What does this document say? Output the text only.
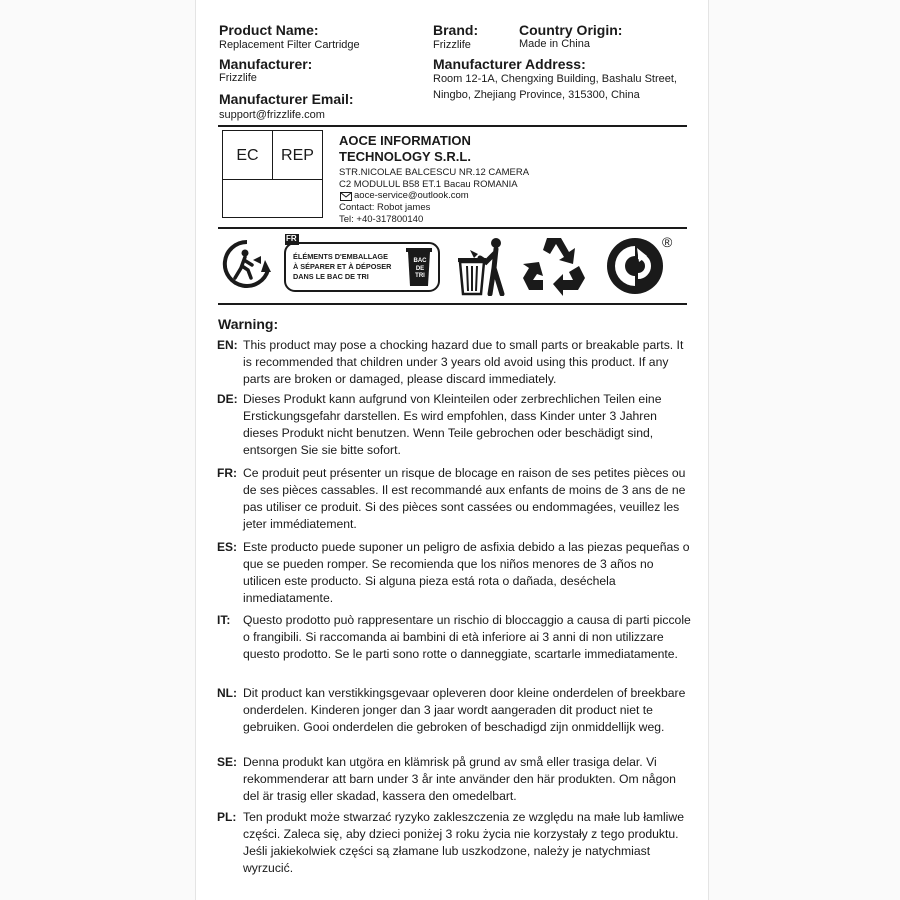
Product Name:
Replacement Filter Cartridge
Brand:
Frizzlife
Country Origin:
Made in China
Manufacturer:
Frizzlife
Manufacturer Address:
Room 12-1A, Chengxing Building, Bashalu Street,
Ningbo, Zhejiang Province, 315300, China
Manufacturer Email:
support@frizzlife.com
EC	REP
AOCE INFORMATION
TECHNOLOGY S.R.L.
STR.NICOLAE BALCESCU NR.12 CAMERA
C2 MODULUL B58 ET.1 Bacau ROMANIA
aoce-service@outlook.com
Contact: Robot james
Tel: +40-317800140
FR
ÉLÉMENTS D'EMBALLAGE
À SÉPARER ET À DÉPOSER
DANS LE BAC DE TRI
BAC
DE
TRI
®
Warning:
EN: This product may pose a chocking hazard due to small parts or breakable parts. It is recommended that children under 3 years old avoid using this product. If any parts are broken or damaged, please discard immediately.
DE: Dieses Produkt kann aufgrund von Kleinteilen oder zerbrechlichen Teilen eine Erstickungsgefahr darstellen. Es wird empfohlen, dass Kinder unter 3 Jahren dieses Produkt nicht benutzen. Wenn Teile gebrochen oder beschädigt sind, entsorgen Sie sie bitte sofort.
FR: Ce produit peut présenter un risque de blocage en raison de ses petites pièces ou de ses pièces cassables. Il est recommandé aux enfants de moins de 3 ans de ne pas utiliser ce produit. Si des pièces sont cassées ou endommagées, veuillez les jeter immédiatement.
ES: Este producto puede suponer un peligro de asfixia debido a las piezas pequeñas o que se pueden romper. Se recomienda que los niños menores de 3 años no utilicen este producto. Si alguna pieza está rota o dañada, deséchela inmediatamente.
IT: Questo prodotto può rappresentare un rischio di bloccaggio a causa di parti piccole o frangibili. Si raccomanda ai bambini di età inferiore ai 3 anni di non utilizzare questo prodotto. Se le parti sono rotte o danneggiate, scartarle immediatamente.
NL: Dit product kan verstikkingsgevaar opleveren door kleine onderdelen of breekbare onderdelen. Kinderen jonger dan 3 jaar wordt aangeraden dit product niet te gebruiken. Gooi onderdelen die gebroken of beschadigd zijn onmiddellijk weg.
SE: Denna produkt kan utgöra en klämrisk på grund av små eller trasiga delar. Vi rekommenderar att barn under 3 år inte använder den här produkten. Om någon del är trasig eller skadad, kassera den omedelbart.
PL: Ten produkt może stwarzać ryzyko zakleszczenia ze względu na małe lub łamliwe części. Zaleca się, aby dzieci poniżej 3 roku życia nie korzystały z tego produktu. Jeśli jakiekolwiek części są złamane lub uszkodzone, należy je natychmiast wyrzucić.
